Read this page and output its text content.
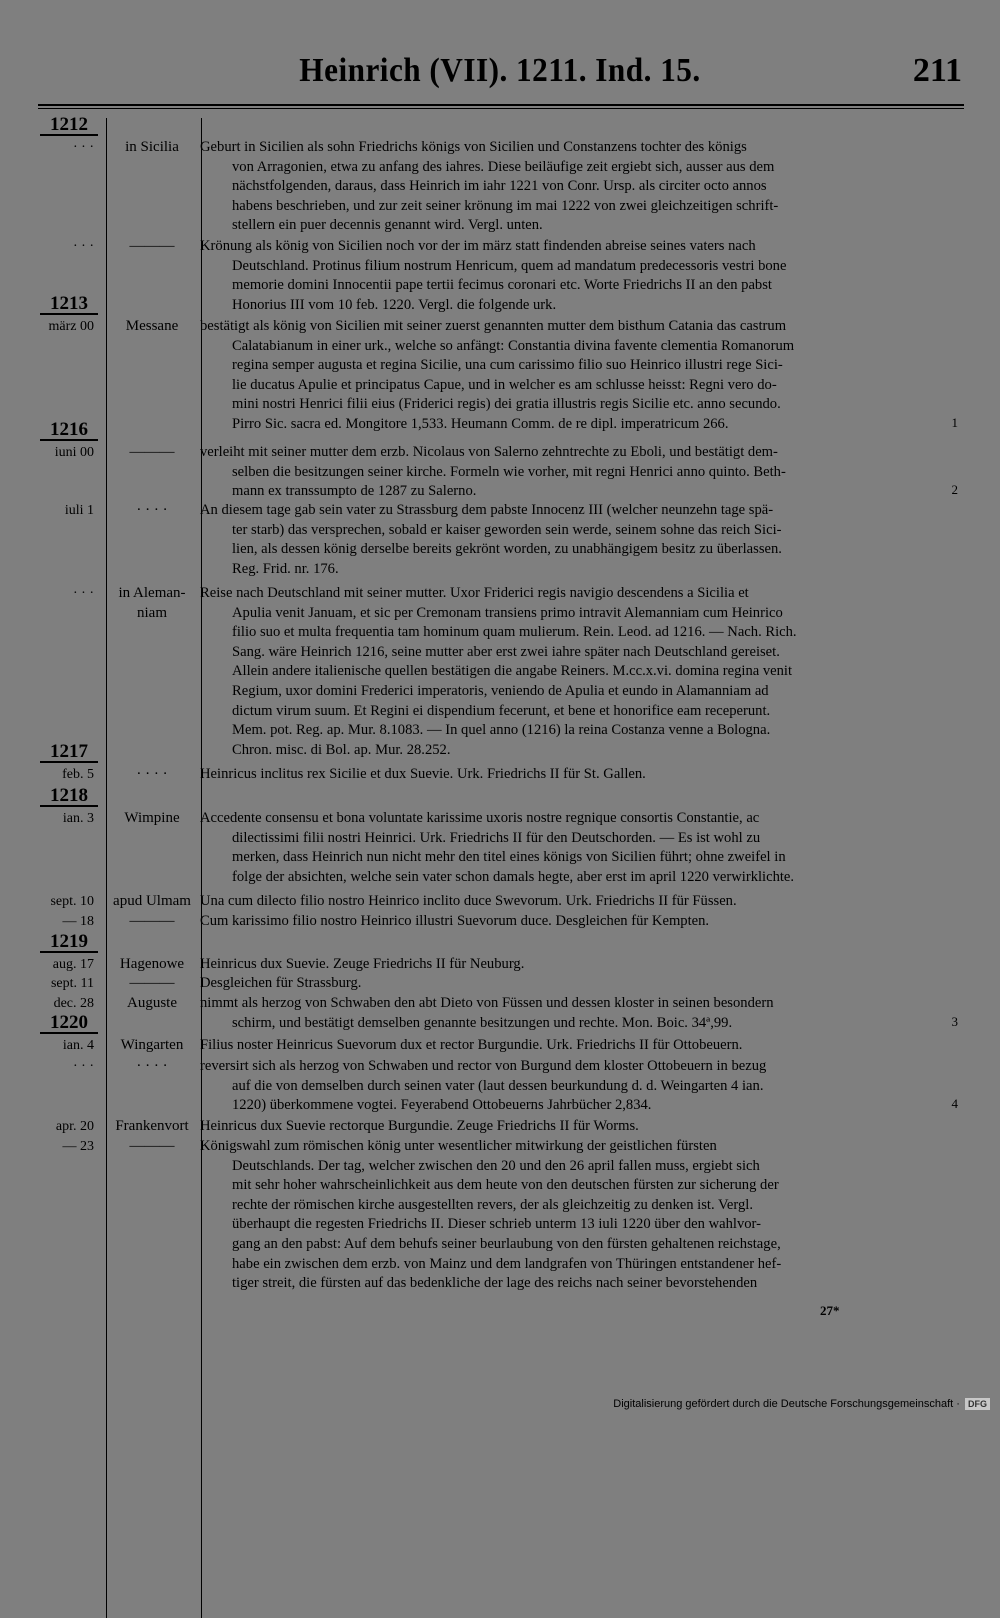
Heinrich (VII). 1211. Ind. 15.	211
1212
· · ·	in Sicilia	Geburt in Sicilien als sohn Friedrichs königs von Sicilien und Constanzens tochter des königs
von Arragonien, etwa zu anfang des iahres. Diese beiläufige zeit ergiebt sich, ausser aus dem
nächstfolgenden, daraus, dass Heinrich im iahr 1221 von Conr. Ursp. als circiter octo annos
habens beschrieben, und zur zeit seiner krönung im mai 1222 von zwei gleichzeitigen schrift-
stellern ein puer decennis genannt wird. Vergl. unten.
· · ·	———	Krönung als könig von Sicilien noch vor der im märz statt findenden abreise seines vaters nach
Deutschland. Protinus filium nostrum Henricum, quem ad mandatum predecessoris vestri bone
memorie domini Innocentii pape tertii fecimus coronari etc. Worte Friedrichs II an den pabst
Honorius III vom 10 feb. 1220. Vergl. die folgende urk.
1213
märz 00	Messane	bestätigt als könig von Sicilien mit seiner zuerst genannten mutter dem bisthum Catania das castrum
Calatabianum in einer urk., welche so anfängt: Constantia divina favente clementia Romanorum
regina semper augusta et regina Sicilie, una cum carissimo filio suo Heinrico illustri rege Sici-
lie ducatus Apulie et principatus Capue, und in welcher es am schlusse heisst: Regni vero do-
mini nostri Henrici filii eius (Friderici regis) dei gratia illustris regis Sicilie etc. anno secundo.
Pirro Sic. sacra ed. Mongitore 1,533. Heumann Comm. de re dipl. imperatricum 266.	1
1216
iuni 00	———	verleiht mit seiner mutter dem erzb. Nicolaus von Salerno zehntrechte zu Eboli, und bestätigt dem-
selben die besitzungen seiner kirche. Formeln wie vorher, mit regni Henrici anno quinto. Beth-
mann ex transsumpto de 1287 zu Salerno.	2
iuli 1	· · · ·	An diesem tage gab sein vater zu Strassburg dem pabste Innocenz III (welcher neunzehn tage spä-
ter starb) das versprechen, sobald er kaiser geworden sein werde, seinem sohne das reich Sici-
lien, als dessen könig derselbe bereits gekrönt worden, zu unabhängigem besitz zu überlassen.
Reg. Frid. nr. 176.
· · ·	in Aleman-
niam
Reise nach Deutschland mit seiner mutter. Uxor Friderici regis navigio descendens a Sicilia et
Apulia venit Januam, et sic per Cremonam transiens primo intravit Alemanniam cum Heinrico
filio suo et multa frequentia tam hominum quam mulierum. Rein. Leod. ad 1216. — Nach. Rich.
Sang. wäre Heinrich 1216, seine mutter aber erst zwei iahre später nach Deutschland gereiset.
Allein andere italienische quellen bestätigen die angabe Reiners. M.cc.x.vi. domina regina venit
Regium, uxor domini Frederici imperatoris, veniendo de Apulia et eundo in Alamanniam ad
dictum virum suum. Et Regini ei dispendium fecerunt, et bene et honorifice eam receperunt.
Mem. pot. Reg. ap. Mur. 8.1083. — In quel anno (1216) la reina Costanza venne a Bologna.
Chron. misc. di Bol. ap. Mur. 28.252.
1217
feb. 5	· · · ·	Heinricus inclitus rex Sicilie et dux Suevie. Urk. Friedrichs II für St. Gallen.
1218
ian. 3	Wimpine	Accedente consensu et bona voluntate karissime uxoris nostre regnique consortis Constantie, ac
dilectissimi filii nostri Heinrici. Urk. Friedrichs II für den Deutschorden. — Es ist wohl zu
merken, dass Heinrich nun nicht mehr den titel eines königs von Sicilien führt; ohne zweifel in
folge der absichten, welche sein vater schon damals hegte, aber erst im april 1220 verwirklichte.
sept. 10	apud Ulmam Una cum dilecto filio nostro Heinrico inclito duce Swevorum. Urk. Friedrichs II für Füssen.
— 18	———	Cum karissimo filio nostro Heinrico illustri Suevorum duce. Desgleichen für Kempten.
1219
aug. 17	Hagenowe	Heinricus dux Suevie. Zeuge Friedrichs II für Neuburg.
sept. 11	———	Desgleichen für Strassburg.
dec. 28	Auguste	nimmt als herzog von Schwaben den abt Dieto von Füssen und dessen kloster in seinen besondern
schirm, und bestätigt demselben genannte besitzungen und rechte. Mon. Boic. 34ª,99.	3
1220
ian. 4	Wingarten	Filius noster Heinricus Suevorum dux et rector Burgundie. Urk. Friedrichs II für Ottobeuern.
· · ·	· · · ·	reversirt sich als herzog von Schwaben und rector von Burgund dem kloster Ottobeuern in bezug
auf die von demselben durch seinen vater (laut dessen beurkundung d. d. Weingarten 4 ian.
1220) überkommene vogtei. Feyerabend Ottobeuerns Jahrbücher 2,834.	4
apr. 20	Frankenvort Heinricus dux Suevie rectorque Burgundie. Zeuge Friedrichs II für Worms.
— 23	———	Königswahl zum römischen könig unter wesentlicher mitwirkung der geistlichen fürsten
Deutschlands. Der tag, welcher zwischen den 20 und den 26 april fallen muss, ergiebt sich
mit sehr hoher wahrscheinlichkeit aus dem heute von den deutschen fürsten zur sicherung der
rechte der römischen kirche ausgestellten revers, der als gleichzeitig zu denken ist. Vergl.
überhaupt die regesten Friedrichs II. Dieser schrieb unterm 13 iuli 1220 über den wahlvor-
gang an den pabst: Auf dem behufs seiner beurlaubung von den fürsten gehaltenen reichstage,
habe ein zwischen dem erzb. von Mainz und dem landgrafen von Thüringen entstandener hef-
tiger streit, die fürsten auf das bedenkliche der lage des reichs nach seiner bevorstehenden
27*
Digitalisierung gefördert durch die Deutsche Forschungsgemeinschaft · DFG
